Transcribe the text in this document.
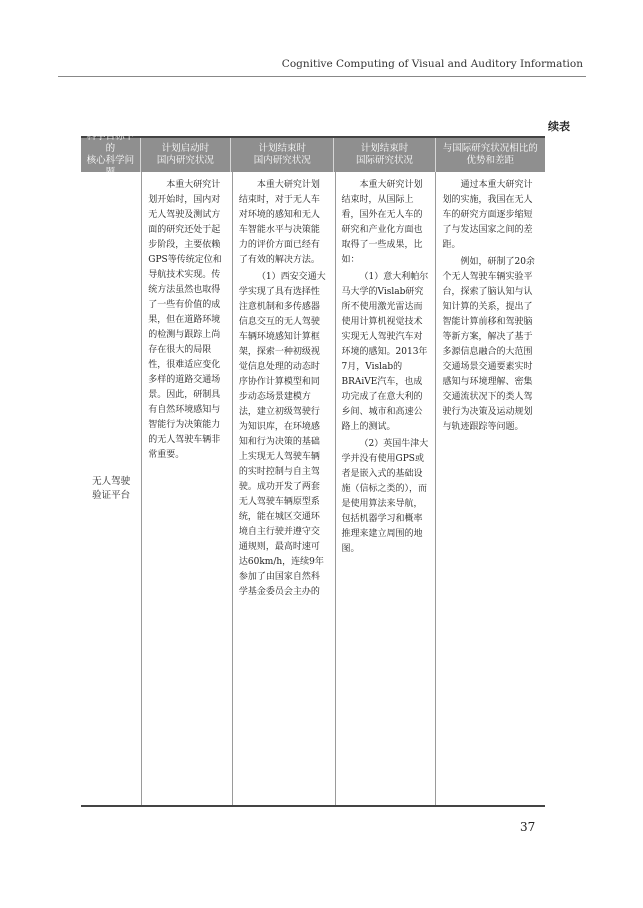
Cognitive Computing of Visual and Auditory Information
续表
科学目标下的
核心科学问题
计划启动时
国内研究状况
计划结束时
国内研究状况
计划结束时
国际研究状况
与国际研究状况相比的
优势和差距
无人驾驶
验证平台

本重大研究计划开始时，国内对无人驾驶及测试方面的研究还处于起步阶段，主要依赖GPS等传统定位和导航技术实现。传统方法虽然也取得了一些有价值的成果，但在道路环境的检测与跟踪上尚存在很大的局限性，很难适应变化多样的道路交通场景。因此，研制具有自然环境感知与智能行为决策能力的无人驾驶车辆非常重要。

本重大研究计划结束时，对于无人车对环境的感知和无人车智能水平与决策能力的评价方面已经有了有效的解决方法。

（1）西安交通大学实现了具有选择性注意机制和多传感器信息交互的无人驾驶车辆环境感知计算框架，探索一种初级视觉信息处理的动态时序协作计算模型和同步动态场景建模方法，建立初级驾驶行为知识库，在环境感知和行为决策的基础上实现无人驾驶车辆的实时控制与自主驾驶。成功开发了两套无人驾驶车辆原型系统，能在城区交通环境自主行驶并遵守交通规则，最高时速可达60km/h，连续9年参加了由国家自然科学基金委员会主办的

本重大研究计划结束时，从国际上看，国外在无人车的研究和产业化方面也取得了一些成果，比如：

（1）意大利帕尔马大学的Vislab研究所不使用激光雷达而使用计算机视觉技术实现无人驾驶汽车对环境的感知。2013年7月，Vislab的BRAiVE汽车，也成功完成了在意大利的乡间、城市和高速公路上的测试。

（2）英国牛津大学并没有使用GPS或者是嵌入式的基础设施（信标之类的），而是使用算法来导航，包括机器学习和概率推理来建立周围的地图。

通过本重大研究计划的实施，我国在无人车的研究方面逐步缩短了与发达国家之间的差距。

例如，研制了20余个无人驾驶车辆实验平台，探索了脑认知与认知计算的关系，提出了智能计算前移和驾驶脑等新方案，解决了基于多源信息融合的大范围交通场景交通要素实时感知与环境理解、密集交通流状况下的类人驾驶行为决策及运动规划与轨迹跟踪等问题。

37
